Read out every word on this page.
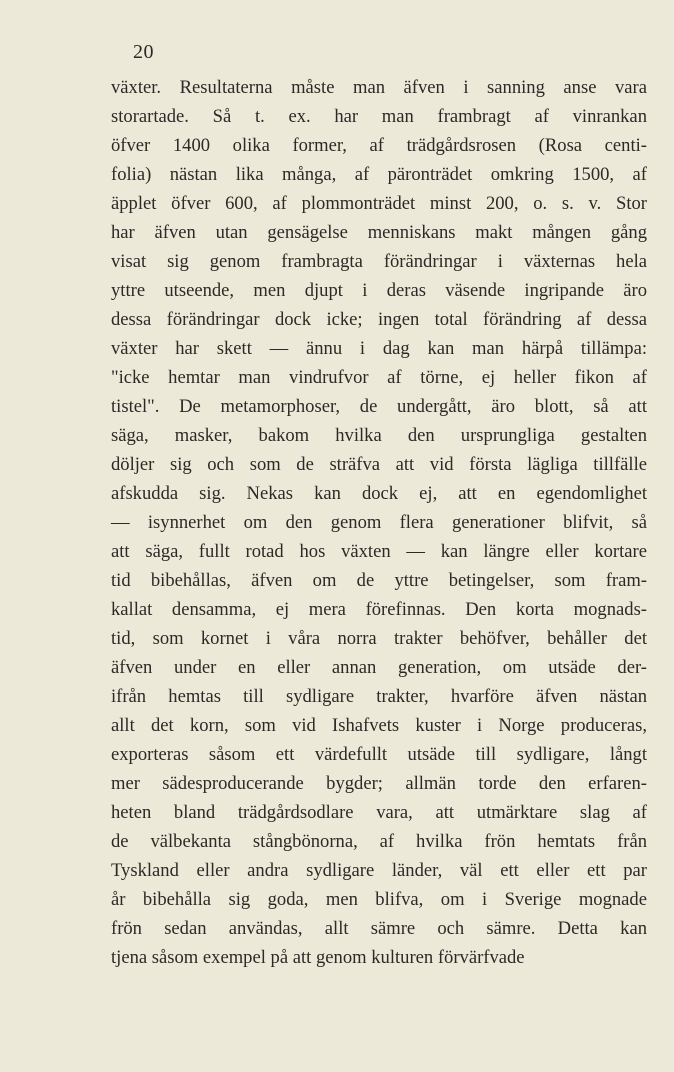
20
växter. Resultaterna måste man äfven i sanning anse vara
storartade. Så t. ex. har man frambragt af vinrankan
öfver 1400 olika former, af trädgårdsrosen (Rosa centi-
folia) nästan lika många, af päronträdet omkring 1500, af
äpplet öfver 600, af plommonträdet minst 200, o. s. v. Stor
har äfven utan gensägelse menniskans makt mången gång
visat sig genom frambragta förändringar i växternas hela
yttre utseende, men djupt i deras väsende ingripande äro
dessa förändringar dock icke; ingen total förändring af dessa
växter har skett — ännu i dag kan man härpå tillämpa:
"icke hemtar man vindrufvor af törne, ej heller fikon af
tistel". De metamorphoser, de undergått, äro blott, så att
säga, masker, bakom hvilka den ursprungliga gestalten
döljer sig och som de sträfva att vid första lägliga tillfälle
afskudda sig. Nekas kan dock ej, att en egendomlighet
— isynnerhet om den genom flera generationer blifvit, så
att säga, fullt rotad hos växten — kan längre eller kortare
tid bibehållas, äfven om de yttre betingelser, som fram-
kallat densamma, ej mera förefinnas. Den korta mognads-
tid, som kornet i våra norra trakter behöfver, behåller det
äfven under en eller annan generation, om utsäde der-
ifrån hemtas till sydligare trakter, hvarföre äfven nästan
allt det korn, som vid Ishafvets kuster i Norge produceras,
exporteras såsom ett värdefullt utsäde till sydligare, långt
mer sädesproducerande bygder; allmän torde den erfaren-
heten bland trädgårdsodlare vara, att utmärktare slag af
de välbekanta stångbönorna, af hvilka frön hemtats från
Tyskland eller andra sydligare länder, väl ett eller ett par
år bibehålla sig goda, men blifva, om i Sverige mognade
frön sedan användas, allt sämre och sämre. Detta kan
tjena såsom exempel på att genom kulturen förvärfvade
